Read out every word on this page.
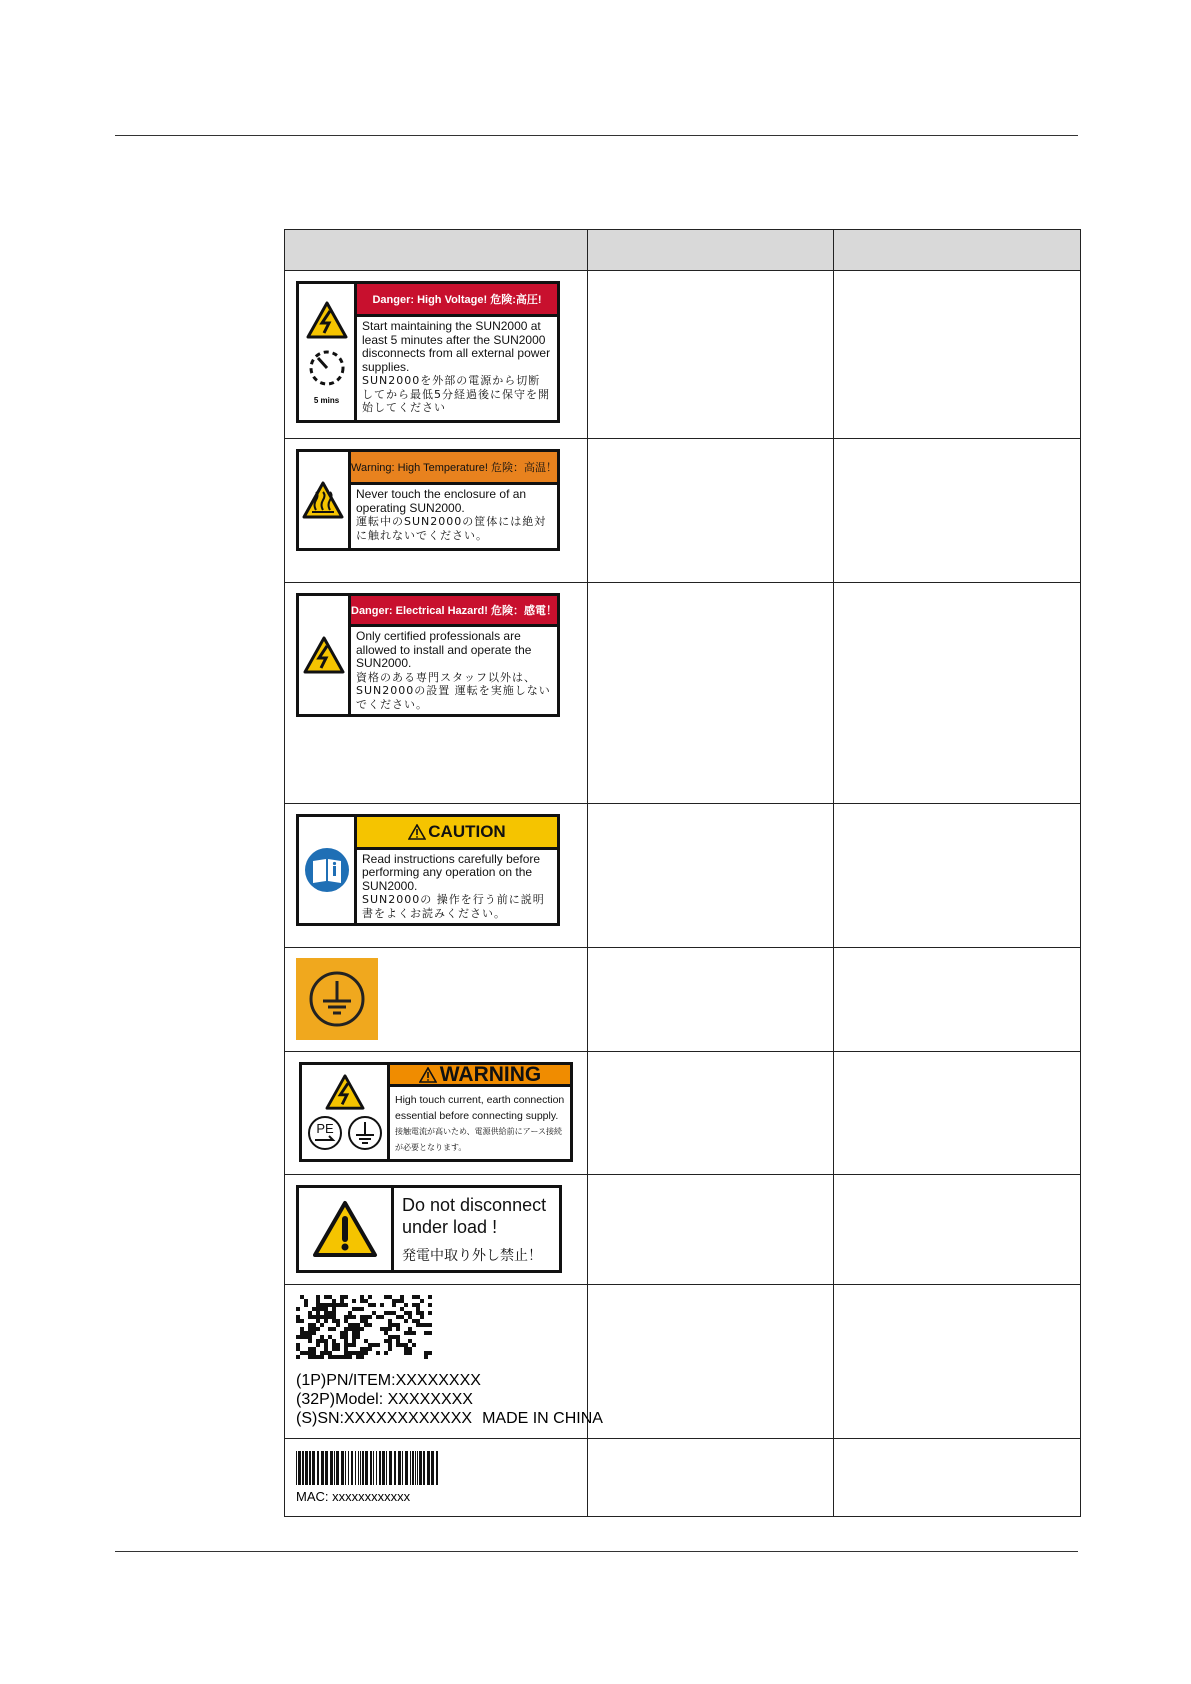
5 mins
Danger: High Voltage! 危険:高圧!
Start maintaining the SUN2000 at least 5 minutes after the SUN2000 disconnects from all external power supplies.
SUN2000を外部の電源から切断してから最低5分経過後に保守を開始してください		

Warning: High Temperature! 危険：高温！
Never touch the enclosure of an operating SUN2000.
運転中のSUN2000の筐体には絶対に触れないでください。		

Danger: Electrical Hazard! 危険：感電！
Only certified professionals are allowed to install and operate the SUN2000.
資格のある専門スタッフ以外は、SUN2000の設置 運転を実施しないでください。		

CAUTION
Read instructions carefully before performing any operation on the SUN2000.
SUN2000の 操作を行う前に説明書をよくお読みください。		

PE
WARNING
High touch current, earth connection
essential before connecting supply.
接触電流が高いため、電源供給前にアース接続が必要となります。		

Do not disconnect under load !
発電中取り外し禁止！		

(1P)PN/ITEM:XXXXXXXX
(32P)Model: XXXXXXXX
(S)SN:XXXXXXXXXXXX MADE IN CHINA		

MAC: xxxxxxxxxxxx		
